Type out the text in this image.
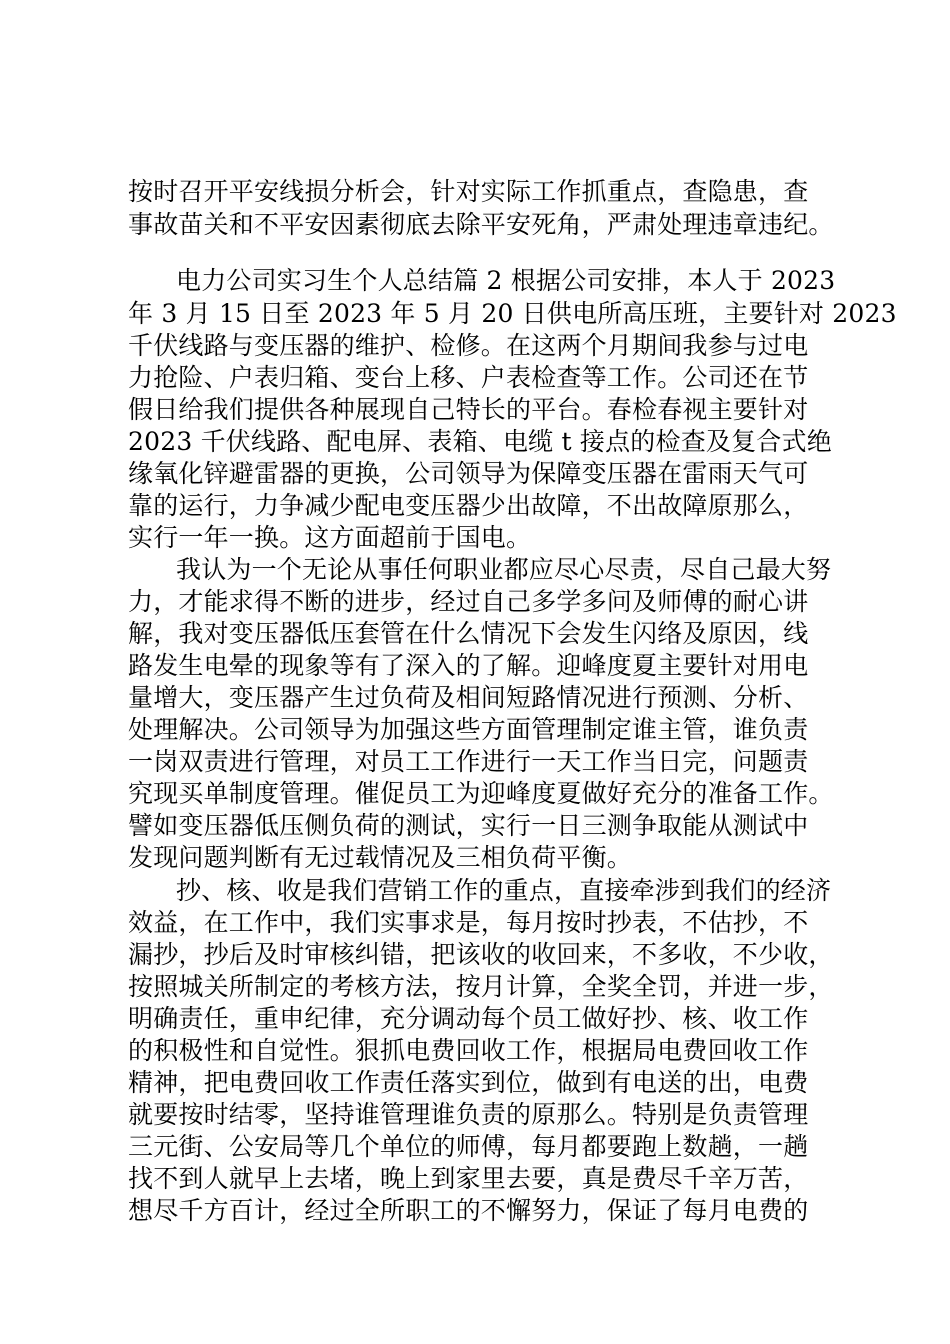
按时召开平安线损分析会，针对实际工作抓重点，查隐患，查
事故苗关和不平安因素彻底去除平安死角，严肃处理违章违纪。
电力公司实习生个人总结篇 2 根据公司安排，本人于 2023
年 3 月 15 日至 2023 年 5 月 20 日供电所高压班，主要针对 2023
千伏线路与变压器的维护、检修。在这两个月期间我参与过电
力抢险、户表归箱、变台上移、户表检查等工作。公司还在节
假日给我们提供各种展现自己特长的平台。春检春视主要针对
2023 千伏线路、配电屏、表箱、电缆 t 接点的检查及复合式绝
缘氧化锌避雷器的更换，公司领导为保障变压器在雷雨天气可
靠的运行，力争减少配电变压器少出故障，不出故障原那么，
实行一年一换。这方面超前于国电。
我认为一个无论从事任何职业都应尽心尽责，尽自己最大努
力，才能求得不断的进步，经过自己多学多问及师傅的耐心讲
解，我对变压器低压套管在什么情况下会发生闪络及原因，线
路发生电晕的现象等有了深入的了解。迎峰度夏主要针对用电
量增大，变压器产生过负荷及相间短路情况进行预测、分析、
处理解决。公司领导为加强这些方面管理制定谁主管，谁负责
一岗双责进行管理，对员工工作进行一天工作当日完，问题责
究现买单制度管理。催促员工为迎峰度夏做好充分的准备工作。
譬如变压器低压侧负荷的测试，实行一日三测争取能从测试中
发现问题判断有无过载情况及三相负荷平衡。
抄、核、收是我们营销工作的重点，直接牵涉到我们的经济
效益，在工作中，我们实事求是，每月按时抄表，不估抄，不
漏抄，抄后及时审核纠错，把该收的收回来，不多收，不少收，
按照城关所制定的考核方法，按月计算，全奖全罚，并进一步，
明确责任，重申纪律，充分调动每个员工做好抄、核、收工作
的积极性和自觉性。狠抓电费回收工作，根据局电费回收工作
精神，把电费回收工作责任落实到位，做到有电送的出，电费
就要按时结零，坚持谁管理谁负责的原那么。特别是负责管理
三元街、公安局等几个单位的师傅，每月都要跑上数趟，一趟
找不到人就早上去堵，晚上到家里去要，真是费尽千辛万苦，
想尽千方百计，经过全所职工的不懈努力，保证了每月电费的
